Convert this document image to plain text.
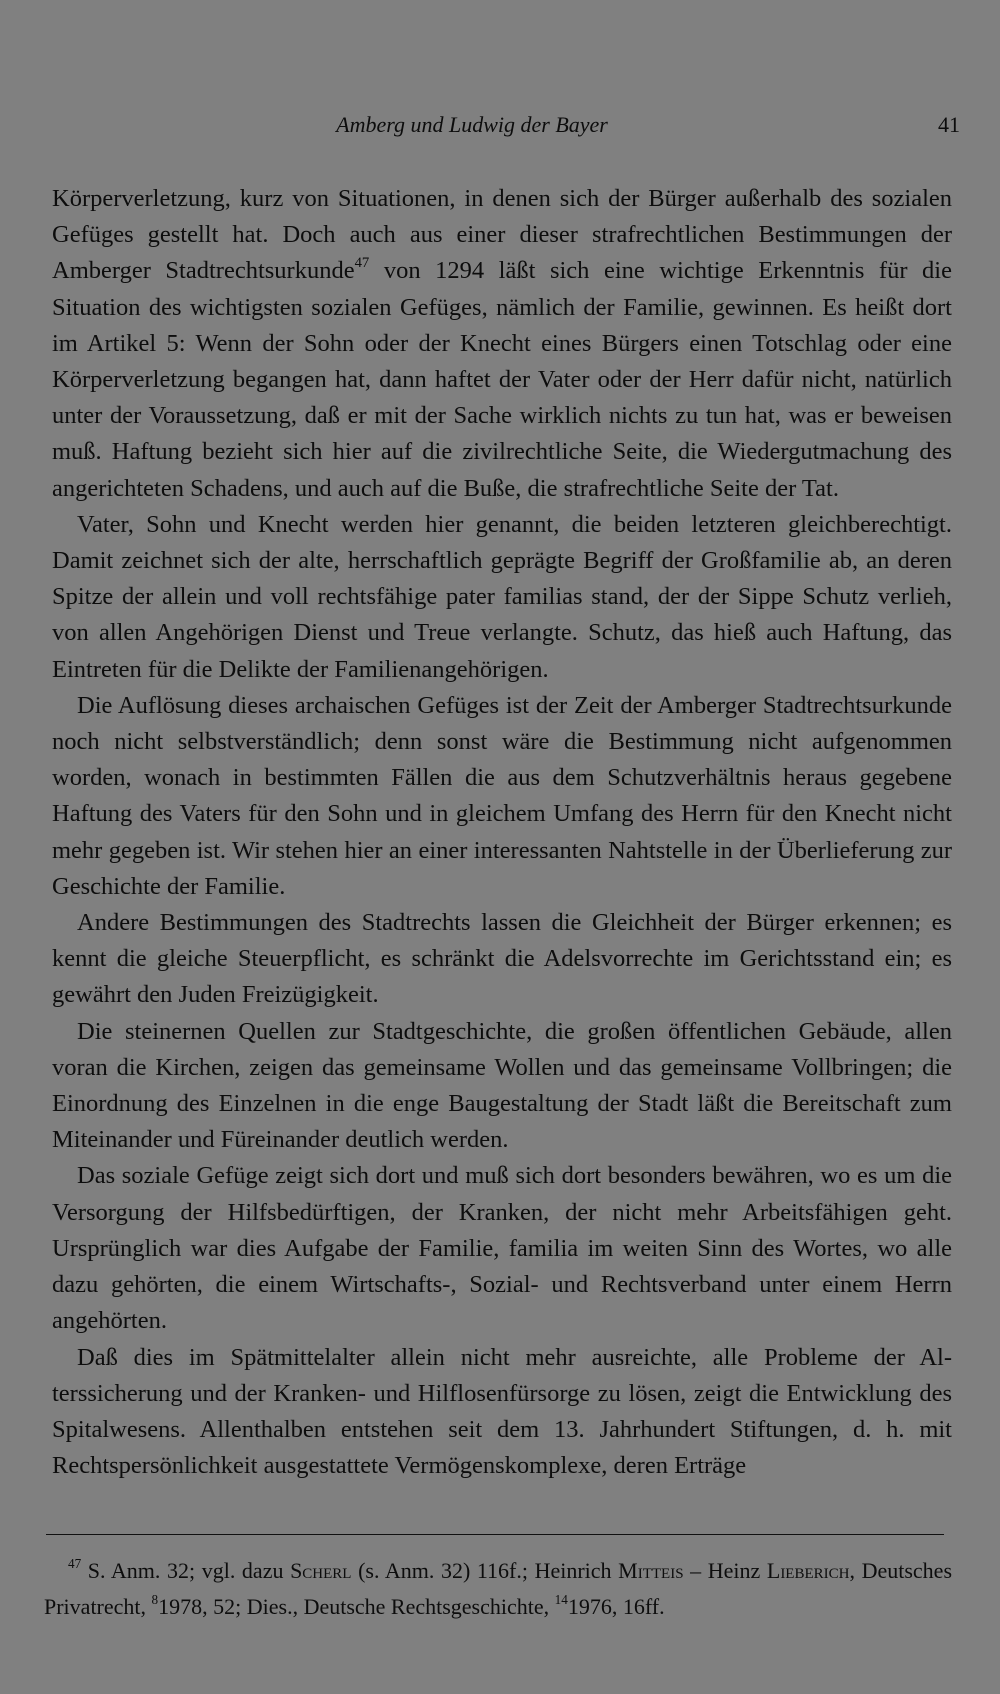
Amberg und Ludwig der Bayer	41

Körperverletzung, kurz von Situationen, in denen sich der Bürger außerhalb des sozialen Gefüges gestellt hat. Doch auch aus einer dieser strafrechtlichen Bestimmungen der Amberger Stadtrechtsurkunde$^{47}$ von 1294 läßt sich eine wichtige Erkenntnis für die Situation des wichtigsten sozialen Gefüges, nämlich der Familie, gewinnen. Es heißt dort im Artikel 5: Wenn der Sohn oder der Knecht eines Bürgers einen Totschlag oder eine Körperverletzung begangen hat, dann haftet der Vater oder der Herr dafür nicht, natürlich unter der Voraussetzung, daß er mit der Sache wirklich nichts zu tun hat, was er beweisen muß. Haftung bezieht sich hier auf die zivilrechtliche Seite, die Wiedergutmachung des angerichteten Schadens, und auch auf die Buße, die strafrechtliche Seite der Tat.

Vater, Sohn und Knecht werden hier genannt, die beiden letzteren gleichberechtigt. Damit zeichnet sich der alte, herrschaftlich geprägte Begriff der Großfamilie ab, an deren Spitze der allein und voll rechtsfähige pater familias stand, der der Sippe Schutz verlieh, von allen Angehörigen Dienst und Treue verlangte. Schutz, das hieß auch Haftung, das Eintreten für die Delikte der Familienangehörigen.

Die Auflösung dieses archaischen Gefüges ist der Zeit der Amberger Stadtrechtsurkunde noch nicht selbstverständlich; denn sonst wäre die Bestimmung nicht aufgenommen worden, wonach in bestimmten Fällen die aus dem Schutzverhältnis heraus gegebene Haftung des Vaters für den Sohn und in gleichem Umfang des Herrn für den Knecht nicht mehr gegeben ist. Wir stehen hier an einer interessanten Nahtstelle in der Überlieferung zur Geschichte der Familie.

Andere Bestimmungen des Stadtrechts lassen die Gleichheit der Bürger erkennen; es kennt die gleiche Steuerpflicht, es schränkt die Adelsvorrechte im Gerichtsstand ein; es gewährt den Juden Freizügigkeit.

Die steinernen Quellen zur Stadtgeschichte, die großen öffentlichen Gebäude, allen voran die Kirchen, zeigen das gemeinsame Wollen und das gemeinsame Vollbringen; die Einordnung des Einzelnen in die enge Baugestaltung der Stadt läßt die Bereitschaft zum Miteinander und Füreinander deutlich werden.

Das soziale Gefüge zeigt sich dort und muß sich dort besonders bewähren, wo es um die Versorgung der Hilfsbedürftigen, der Kranken, der nicht mehr Arbeitsfähigen geht. Ursprünglich war dies Aufgabe der Familie, familia im weiten Sinn des Wortes, wo alle dazu gehörten, die einem Wirtschafts-, Sozial- und Rechtsverband unter einem Herrn angehörten.

Daß dies im Spätmittelalter allein nicht mehr ausreichte, alle Probleme der Alterssicherung und der Kranken- und Hilflosenfürsorge zu lösen, zeigt die Entwicklung des Spitalwesens. Allenthalben entstehen seit dem 13. Jahrhundert Stiftungen, d. h. mit Rechtspersönlichkeit ausgestattete Vermögenskomplexe, deren Erträge

$^{47}$ S. Anm. 32; vgl. dazu Scherl (s. Anm. 32) 116f.; Heinrich Mitteis – Heinz Lieberich, Deutsches Privatrecht, $^8$1978, 52; Dies., Deutsche Rechtsgeschichte, $^{14}$1976, 16ff.
